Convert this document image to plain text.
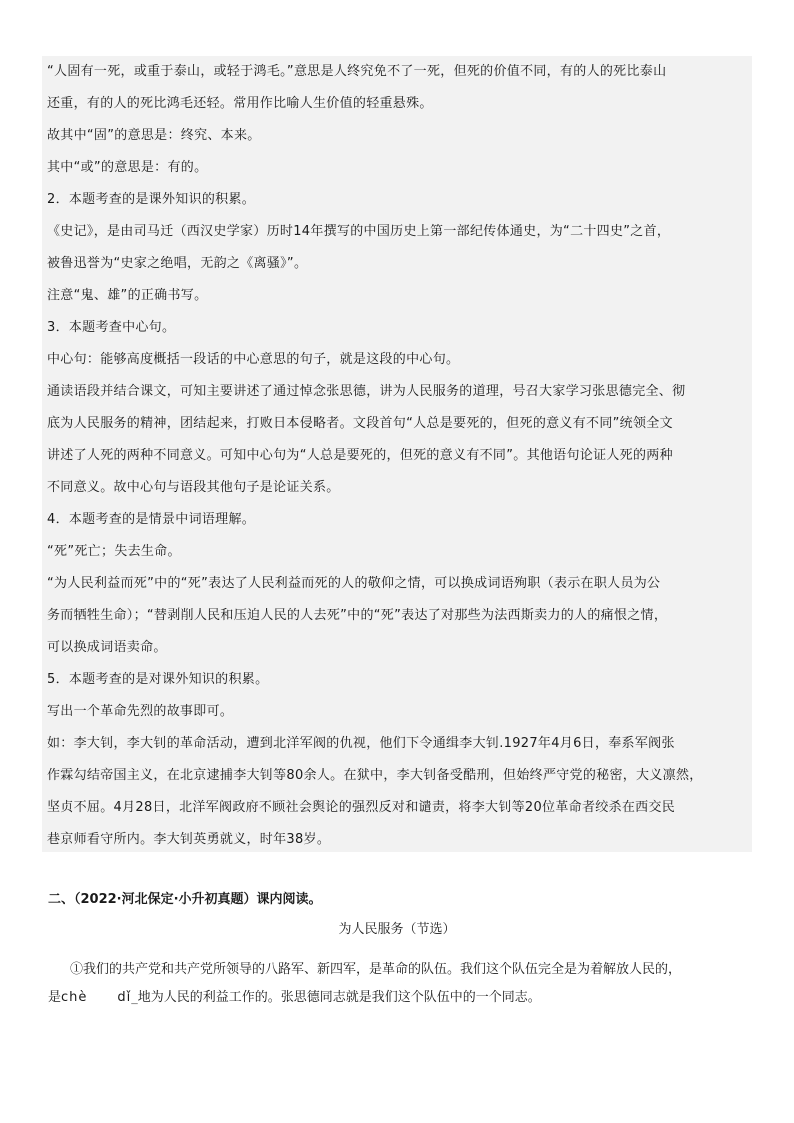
“人固有一死，或重于泰山，或轻于鸿毛。”意思是人终究免不了一死，但死的价值不同，有的人的死比泰山

还重，有的人的死比鸿毛还轻。常用作比喻人生价值的轻重悬殊。

故其中“固”的意思是：终究、本来。

其中“或”的意思是：有的。

2．本题考查的是课外知识的积累。

《史记》，是由司马迁（西汉史学家）历时14年撰写的中国历史上第一部纪传体通史，为“二十四史”之首，

被鲁迅誉为“史家之绝唱，无韵之《离骚》”。

注意“鬼、雄”的正确书写。

3．本题考查中心句。

中心句：能够高度概括一段话的中心意思的句子，就是这段的中心句。

通读语段并结合课文，可知主要讲述了通过悼念张思德，讲为人民服务的道理，号召大家学习张思德完全、彻

底为人民服务的精神，团结起来，打败日本侵略者。文段首句“人总是要死的，但死的意义有不同”统领全文

讲述了人死的两种不同意义。可知中心句为“人总是要死的，但死的意义有不同”。其他语句论证人死的两种

不同意义。故中心句与语段其他句子是论证关系。

4．本题考查的是情景中词语理解。

“死”死亡；失去生命。

“为人民利益而死”中的“死”表达了人民利益而死的人的敬仰之情，可以换成词语殉职（表示在职人员为公

务而牺牲生命）；“替剥削人民和压迫人民的人去死”中的“死”表达了对那些为法西斯卖力的人的痛恨之情，

可以换成词语卖命。

5．本题考查的是对课外知识的积累。

写出一个革命先烈的故事即可。

如：李大钊，李大钊的革命活动，遭到北洋军阀的仇视，他们下令通缉李大钊.1927年4月6日，奉系军阀张

作霖勾结帝国主义，在北京逮捕李大钊等80余人。在狱中，李大钊备受酷刑，但始终严守党的秘密，大义凛然，

坚贞不屈。4月28日，北洋军阀政府不顾社会舆论的强烈反对和谴责，将李大钊等20位革命者绞杀在西交民

巷京师看守所内。李大钊英勇就义，时年38岁。

二、（2022·河北保定·小升初真题）课内阅读。
为人民服务（节选）

①我们的共产党和共产党所领导的八路军、新四军，是革命的队伍。我们这个队伍完全是为着解放人民的，

是chè dǐ_地为人民的利益工作的。张思德同志就是我们这个队伍中的一个同志。
